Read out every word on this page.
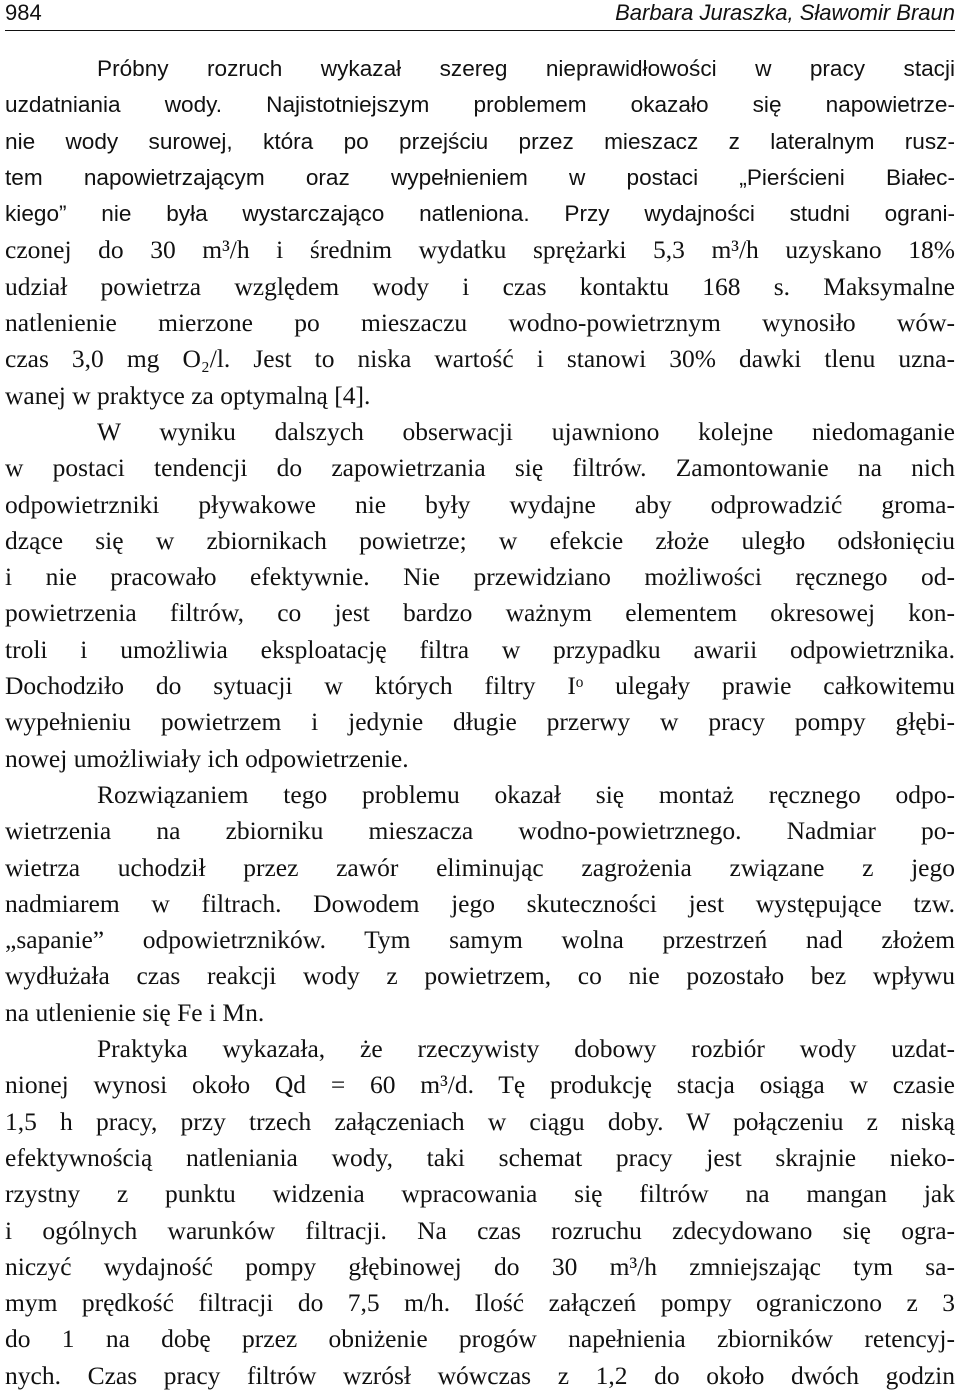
984	Barbara Juraszka, Sławomir Braun
Próbny rozruch wykazał szereg nieprawidłowości w pracy stacji
uzdatniania wody. Najistotniejszym problemem okazało się napowietrze-
nie wody surowej, która po przejściu przez mieszacz z lateralnym rusz-
tem napowietrzającym oraz wypełnieniem w postaci „Pierścieni Białec-
kiego” nie była wystarczająco natleniona. Przy wydajności studni ograni-
czonej do 30 m³/h i średnim wydatku sprężarki 5,3 m³/h uzyskano 18%
udział powietrza względem wody i czas kontaktu 168 s. Maksymalne
natlenienie mierzone po mieszaczu wodno-powietrznym wynosiło wów-
czas 3,0 mg O₂/l. Jest to niska wartość i stanowi 30% dawki tlenu uzna-
wanej w praktyce za optymalną [4].
W wyniku dalszych obserwacji ujawniono kolejne niedomaganie
w postaci tendencji do zapowietrzania się filtrów. Zamontowanie na nich
odpowietrzniki pływakowe nie były wydajne aby odprowadzić groma-
dzące się w zbiornikach powietrze; w efekcie złoże uległo odsłonięciu
i nie pracowało efektywnie. Nie przewidziano możliwości ręcznego od-
powietrzenia filtrów, co jest bardzo ważnym elementem okresowej kon-
troli i umożliwia eksploatację filtra w przypadku awarii odpowietrznika.
Dochodziło do sytuacji w których filtry Iᵒ ulegały prawie całkowitemu
wypełnieniu powietrzem i jedynie długie przerwy w pracy pompy głębi-
nowej umożliwiały ich odpowietrzenie.
Rozwiązaniem tego problemu okazał się montaż ręcznego odpo-
wietrzenia na zbiorniku mieszacza wodno-powietrznego. Nadmiar po-
wietrza uchodził przez zawór eliminując zagrożenia związane z jego
nadmiarem w filtrach. Dowodem jego skuteczności jest występujące tzw.
„sapanie” odpowietrzników. Tym samym wolna przestrzeń nad złożem
wydłużała czas reakcji wody z powietrzem, co nie pozostało bez wpływu
na utlenienie się Fe i Mn.
Praktyka wykazała, że rzeczywisty dobowy rozbiór wody uzdat-
nionej wynosi około Qd = 60 m³/d. Tę produkcję stacja osiąga w czasie
1,5 h pracy, przy trzech załączeniach w ciągu doby. W połączeniu z niską
efektywnością natleniania wody, taki schemat pracy jest skrajnie nieko-
rzystny z punktu widzenia wpracowania się filtrów na mangan jak
i ogólnych warunków filtracji. Na czas rozruchu zdecydowano się ogra-
niczyć wydajność pompy głębinowej do 30 m³/h zmniejszając tym sa-
mym prędkość filtracji do 7,5 m/h. Ilość załączeń pompy ograniczono z 3
do 1 na dobę przez obniżenie progów napełnienia zbiorników retencyj-
nych. Czas pracy filtrów wzrósł wówczas z 1,2 do około dwóch godzin
